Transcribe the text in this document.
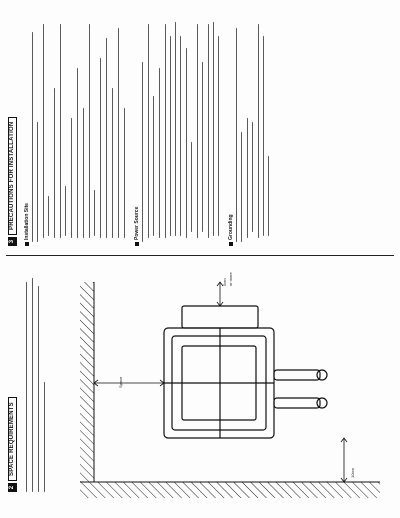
2
SPACE REQUIREMENTS
Space
5cm or more
10cm
3
PRECAUTIONS FOR INSTALLATION	Installation Site	Power Source	Grounding
